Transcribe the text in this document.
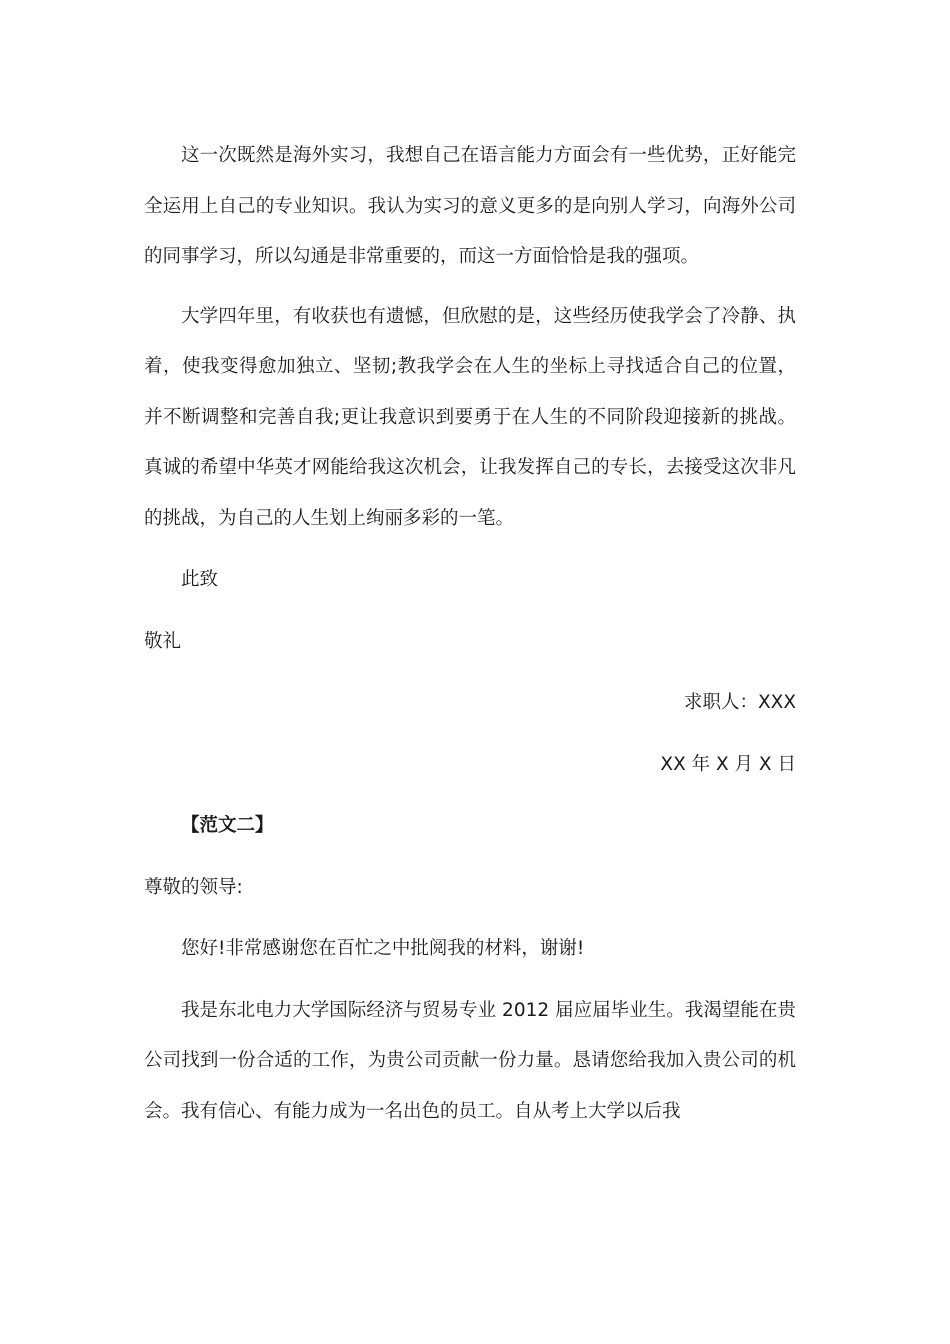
这一次既然是海外实习，我想自己在语言能力方面会有一些优势，正好能完全运用上自己的专业知识。我认为实习的意义更多的是向别人学习，向海外公司的同事学习，所以勾通是非常重要的，而这一方面恰恰是我的强项。

大学四年里，有收获也有遗憾，但欣慰的是，这些经历使我学会了冷静、执着，使我变得愈加独立、坚韧;教我学会在人生的坐标上寻找适合自己的位置，并不断调整和完善自我;更让我意识到要勇于在人生的不同阶段迎接新的挑战。真诚的希望中华英才网能给我这次机会，让我发挥自己的专长，去接受这次非凡的挑战，为自己的人生划上绚丽多彩的一笔。

此致

敬礼

求职人：XXX

XX 年 X 月 X 日

【范文二】

尊敬的领导:

您好!非常感谢您在百忙之中批阅我的材料，谢谢!

我是东北电力大学国际经济与贸易专业 2012 届应届毕业生。我渴望能在贵公司找到一份合适的工作，为贵公司贡献一份力量。恳请您给我加入贵公司的机会。我有信心、有能力成为一名出色的员工。自从考上大学以后我
